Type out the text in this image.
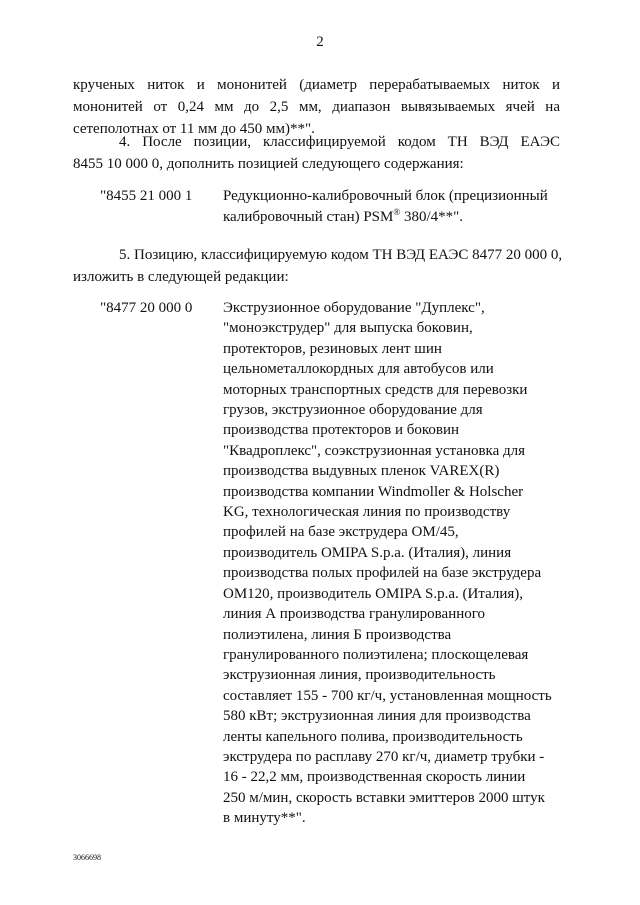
2

крученых ниток и мононитей (диаметр перерабатываемых ниток и
мононитей от 0,24 мм до 2,5 мм, диапазон вывязываемых ячей на
сетеполотнах от 11 мм до 450 мм)**".

4. После позиции, классифицируемой кодом ТН ВЭД ЕАЭС
8455 10 000 0, дополнить позицией следующего содержания:

"8455 21 000 1 Редукционно-калибровочный блок (прецизионный
калибровочный стан) PSM® 380/4**".

5. Позицию, классифицируемую кодом ТН ВЭД ЕАЭС 8477 20 000 0,
изложить в следующей редакции:

"8477 20 000 0 Экструзионное оборудование "Дуплекс",
"моноэкструдер" для выпуска боковин,
протекторов, резиновых лент шин
цельнометаллокордных для автобусов или
моторных транспортных средств для перевозки
грузов, экструзионное оборудование для
производства протекторов и боковин
"Квадроплекс", соэкструзионная установка для
производства выдувных пленок VAREX(R)
производства компании Windmoller & Holscher
KG, технологическая линия по производству
профилей на базе экструдера OM/45,
производитель OMIPA S.p.a. (Италия), линия
производства полых профилей на базе экструдера
OM120, производитель OMIPA S.p.a. (Италия),
линия А производства гранулированного
полиэтилена, линия Б производства
гранулированного полиэтилена; плоскощелевая
экструзионная линия, производительность
составляет 155 - 700 кг/ч, установленная мощность
580 кВт; экструзионная линия для производства
ленты капельного полива, производительность
экструдера по расплаву 270 кг/ч, диаметр трубки -
16 - 22,2 мм, производственная скорость линии
250 м/мин, скорость вставки эмиттеров 2000 штук
в минуту**".

3066698
